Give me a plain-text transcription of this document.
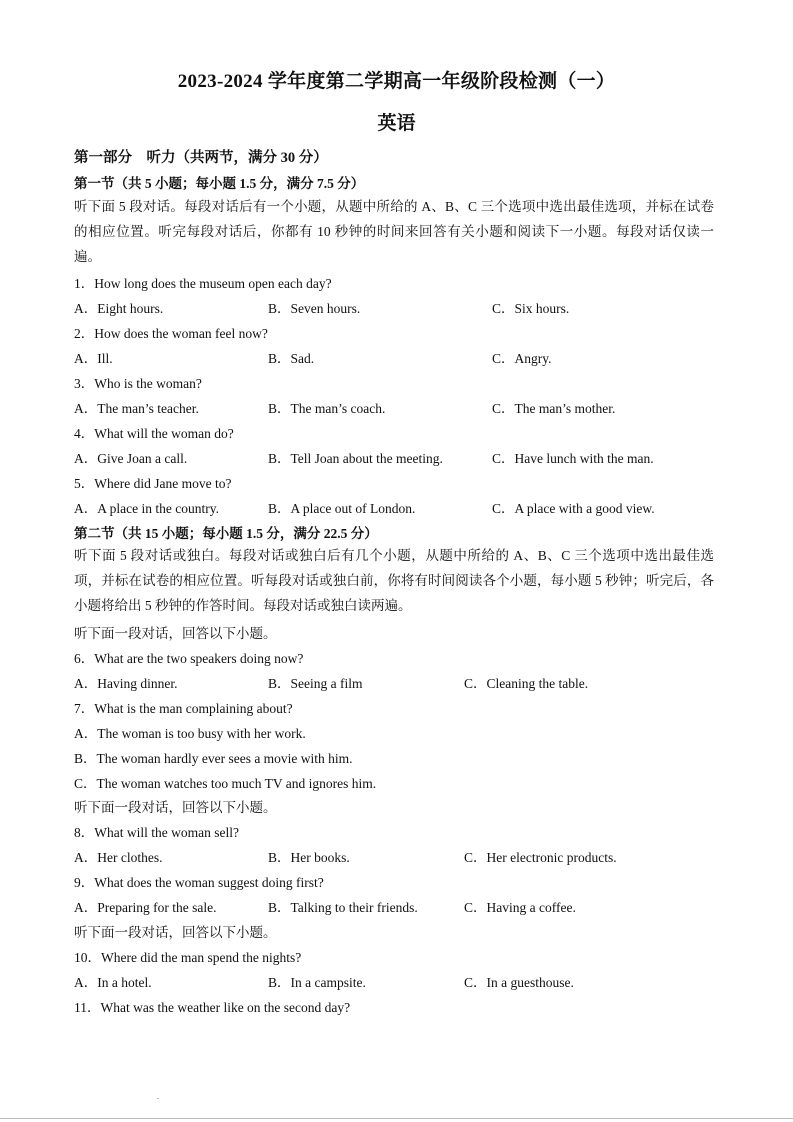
2023-2024 学年度第二学期高一年级阶段检测（一）
英语
第一部分　听力（共两节，满分 30 分）
第一节（共 5 小题；每小题 1.5 分，满分 7.5 分）
听下面 5 段对话。每段对话后有一个小题，从题中所给的 A、B、C 三个选项中选出最佳选项，并标在试卷的相应位置。听完每段对话后，你都有 10 秒钟的时间来回答有关小题和阅读下一小题。每段对话仅读一遍。
1．How long does the museum open each day?
A．Eight hours.	B．Seven hours.	C．Six hours.
2．How does the woman feel now?
A．Ill.	B．Sad.	C．Angry.
3．Who is the woman?
A．The man’s teacher.	B．The man’s coach.	C．The man’s mother.
4．What will the woman do?
A．Give Joan a call.	B．Tell Joan about the meeting.	C．Have lunch with the man.
5．Where did Jane move to?
A．A place in the country.	B．A place out of London.	C．A place with a good view.
第二节（共 15 小题；每小题 1.5 分，满分 22.5 分）
听下面 5 段对话或独白。每段对话或独白后有几个小题，从题中所给的 A、B、C 三个选项中选出最佳选项，并标在试卷的相应位置。听每段对话或独白前，你将有时间阅读各个小题，每小题 5 秒钟；听完后，各小题将给出 5 秒钟的作答时间。每段对话或独白读两遍。
听下面一段对话，回答以下小题。
6．What are the two speakers doing now?
A．Having dinner.	B．Seeing a film	C．Cleaning the table.
7．What is the man complaining about?
A．The woman is too busy with her work.
B．The woman hardly ever sees a movie with him.
C．The woman watches too much TV and ignores him.
听下面一段对话，回答以下小题。
8．What will the woman sell?
A．Her clothes.	B．Her books.	C．Her electronic products.
9．What does the woman suggest doing first?
A．Preparing for the sale.	B．Talking to their friends.	C．Having a coffee.
听下面一段对话，回答以下小题。
10．Where did the man spend the nights?
A．In a hotel.	B．In a campsite.	C．In a guesthouse.
11．What was the weather like on the second day?
.
